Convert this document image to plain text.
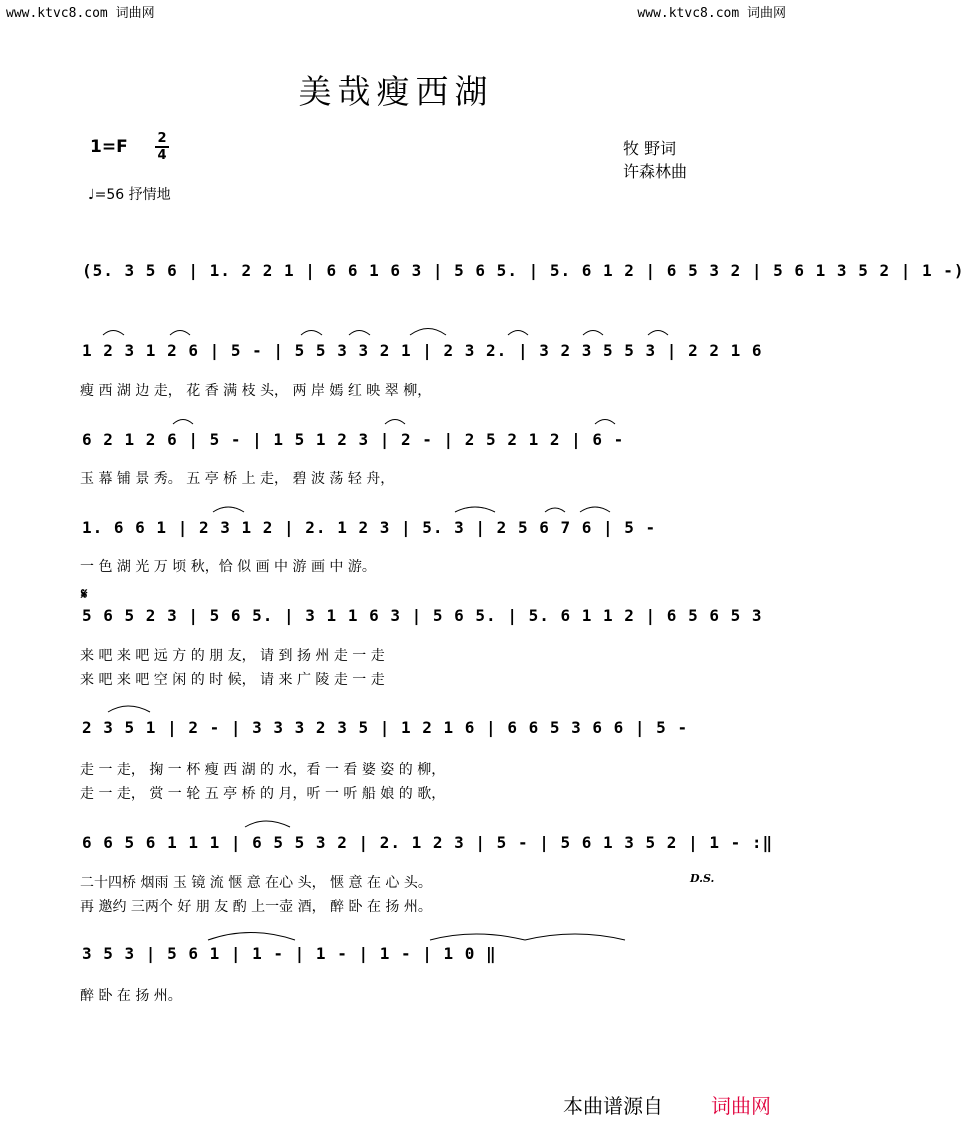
www.ktvc8.com 词曲网	www.ktvc8.com 词曲网
美哉瘦西湖
1=F 2
4
♩=56 抒情地
牧 野词
许森林曲
(5. 3 5 6 | 1. 2 2 1 | 6 6 1 6 3 | 5 6 5. | 5. 6 1 2 | 6 5 3 2 | 5 6 1 3 5 2 | 1 -)
1 2 3 1 2 6 | 5 - | 5 5 3 3 2 1 | 2 3 2. | 3 2 3 5 5 3 | 2 2 1 6
瘦 西 湖 边 走， 花 香 满 枝 头， 两 岸 嫣 红 映 翠 柳，
6 2 1 2 6 | 5 - | 1 5 1 2 3 | 2 - | 2 5 2 1 2 | 6 -
玉 幕 铺 景 秀。 五 亭 桥 上 走， 碧 波 荡 轻 舟，
1. 6 6 1 | 2 3 1 2 | 2. 1 2 3 | 5. 3 | 2 5 6 7 6 | 5 -
一 色 湖 光 万 顷 秋，恰 似 画 中 游 画 中 游。
𝄋
5 6 5 2 3 | 5 6 5. | 3 1 1 6 3 | 5 6 5. | 5. 6 1 1 2 | 6 5 6 5 3
来 吧 来 吧 远 方 的 朋 友， 请 到 扬 州 走 一 走
来 吧 来 吧 空 闲 的 时 候， 请 来 广 陵 走 一 走
2 3 5 1 | 2 - | 3 3 3 2 3 5 | 1 2 1 6 | 6 6 5 3 6 6 | 5 -
走 一 走， 掬 一 杯 瘦 西 湖 的 水，看 一 看 婆 姿 的 柳，
走 一 走， 赏 一 轮 五 亭 桥 的 月，听 一 听 船 娘 的 歌，
6 6 5 6 1 1 1 | 6 5 5 3 2 | 2. 1 2 3 | 5 - | 5 6 1 3 5 2 | 1 - :‖
二十四桥 烟雨 玉 镜 流 惬 意 在心 头， 惬 意 在 心 头。
再 邀约 三两个 好 朋 友 酌 上一壶 酒， 醉 卧 在 扬 州。
D.S.
3 5 3 | 5 6 1 | 1 - | 1 - | 1 - | 1 0 ‖
醉 卧 在 扬 州。
本曲谱源自 词曲网
